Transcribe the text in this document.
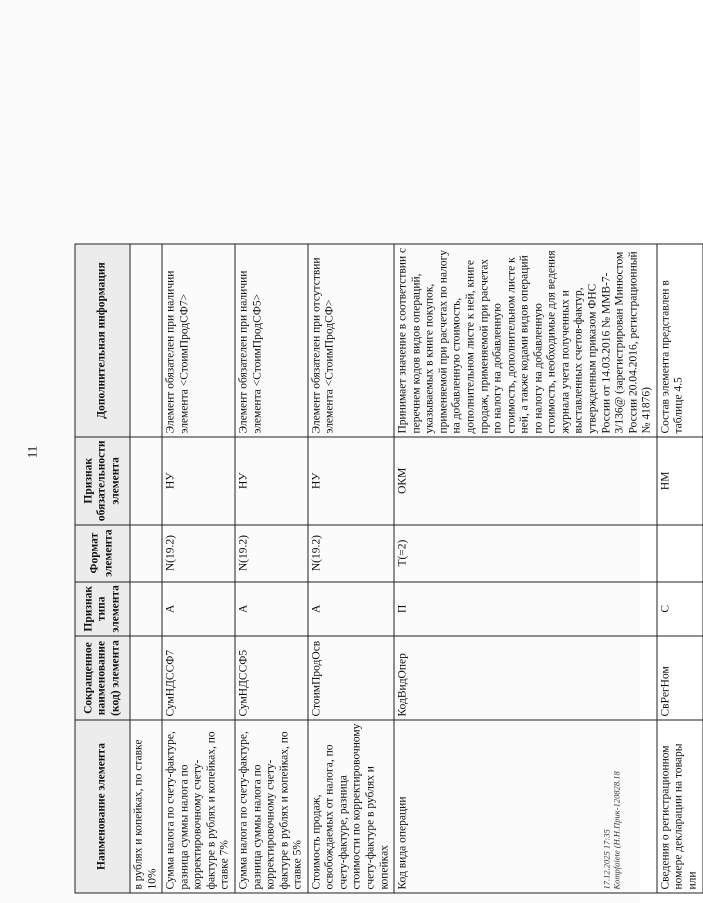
11
Наименование элемента	Сокращенное наименование (код) элемента	Признак типа элемента	Формат элемента	Признак обязательности элемента	Дополнительная информация
в рублях и копейках, по ставке 10%					
Сумма налога по счету-фактуре, разница суммы налога по корректировочному счету-фактуре в рублях и копейках, по ставке 7%	СумНДССФ7	А	N(19.2)	НУ	Элемент обязателен при наличии элемента <СтоимПродСФ7>
Сумма налога по счету-фактуре, разница суммы налога по корректировочному счету-фактуре в рублях и копейках, по ставке 5%	СумНДССФ5	А	N(19.2)	НУ	Элемент обязателен при наличии элемента <СтоимПродСФ5>
Стоимость продаж, освобождаемых от налога, по счету-фактуре, разница стоимости по корректировочному счету-фактуре в рублях и копейках	СтоимПродОсв	А	N(19.2)	НУ	Элемент обязателен при отсутствии элемента <СтоимПродСФ>
Код вида операции	КодВидОпер	П	T(=2)	ОКМ	Принимает значение в соответствии с перечнем кодов видов операций, указываемых в книге покупок, применяемой при расчетах по налогу на добавленную стоимость, дополнительном листе к ней, книге продаж, применяемой при расчетах по налогу на добавленную стоимость, дополнительном листе к ней, а также кодами видов операций по налогу на добавленную стоимость, необходимые для ведения журнала учета полученных и выставленных счетов-фактур, утвержденным приказом ФНС России от 14.03.2016 № ММВ-7-3/136@ (зарегистрирован Минюстом России 20.04.2016, регистрационный № 41876)
Сведения о регистрационном номере декларации на товары или	СвРегНом	С		НМ	Состав элемента представлен в таблице 4.5
17.12.2025 17:35 Kompfaiete (Н.Н.Прик-120828.18
